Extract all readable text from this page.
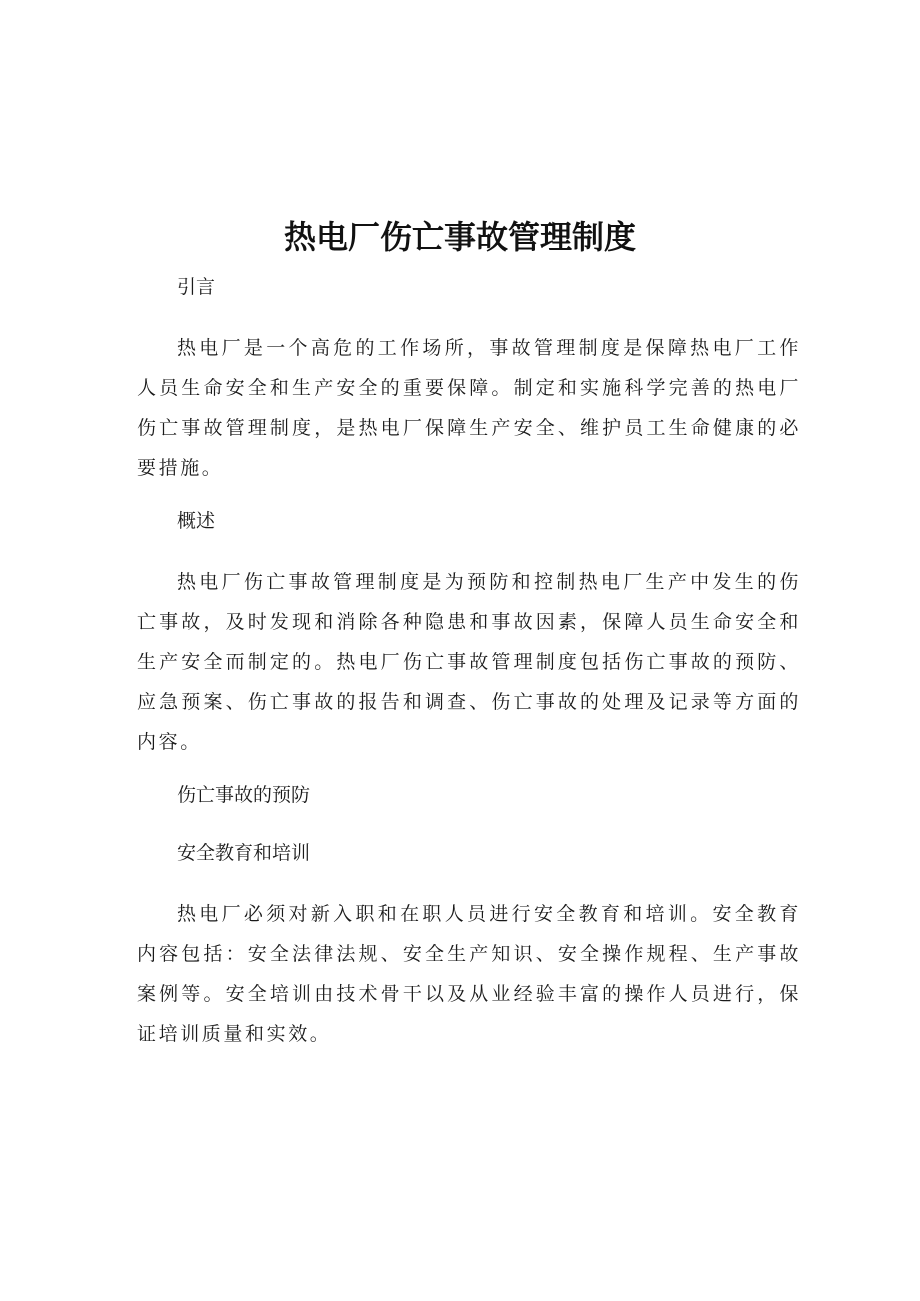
热电厂伤亡事故管理制度

引言

热电厂是一个高危的工作场所，事故管理制度是保障热电厂工作人员生命安全和生产安全的重要保障。制定和实施科学完善的热电厂伤亡事故管理制度，是热电厂保障生产安全、维护员工生命健康的必要措施。

概述

热电厂伤亡事故管理制度是为预防和控制热电厂生产中发生的伤亡事故，及时发现和消除各种隐患和事故因素，保障人员生命安全和生产安全而制定的。热电厂伤亡事故管理制度包括伤亡事故的预防、应急预案、伤亡事故的报告和调查、伤亡事故的处理及记录等方面的内容。

伤亡事故的预防

安全教育和培训

热电厂必须对新入职和在职人员进行安全教育和培训。安全教育内容包括：安全法律法规、安全生产知识、安全操作规程、生产事故案例等。安全培训由技术骨干以及从业经验丰富的操作人员进行，保证培训质量和实效。
